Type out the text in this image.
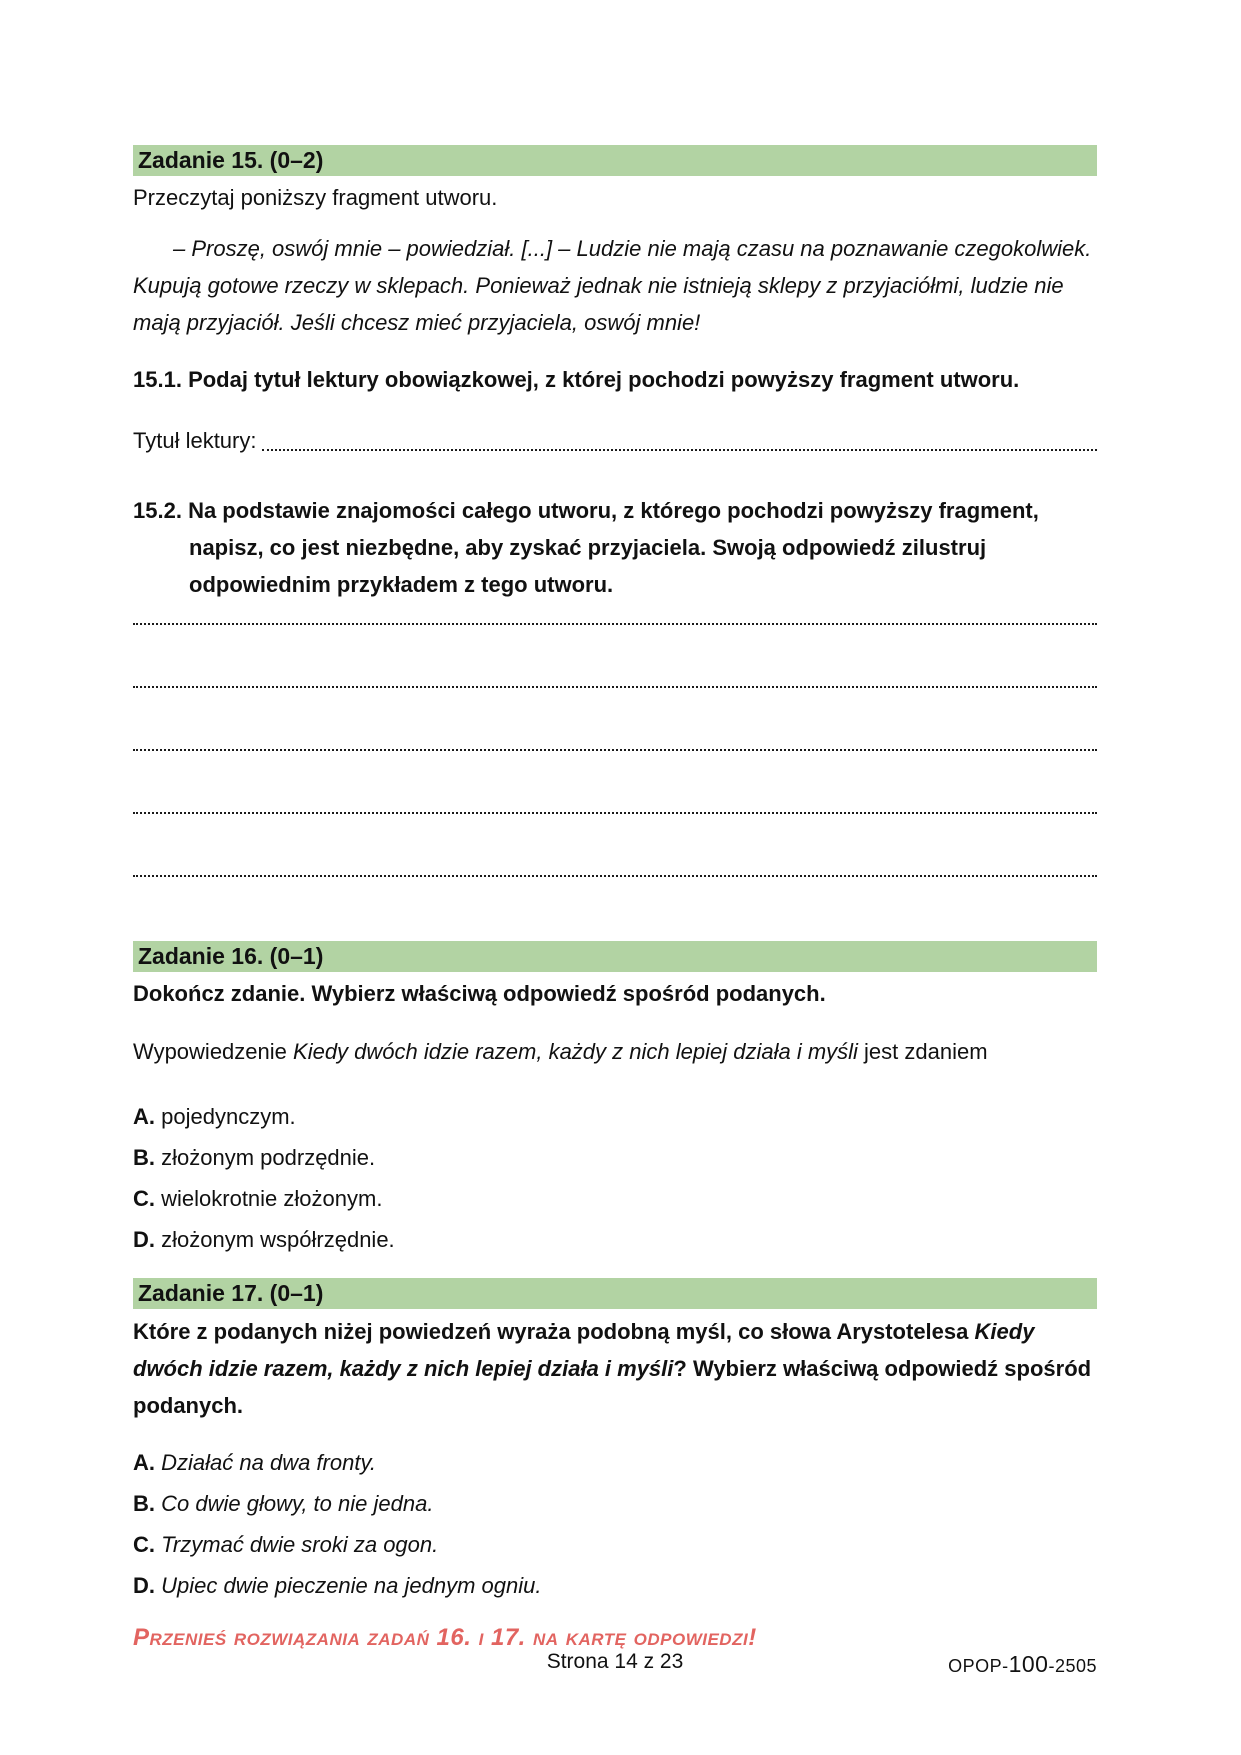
Zadanie 15. (0–2)

Przeczytaj poniższy fragment utworu.

– Proszę, oswój mnie – powiedział. [...] – Ludzie nie mają czasu na poznawanie czegokolwiek. Kupują gotowe rzeczy w sklepach. Ponieważ jednak nie istnieją sklepy z przyjaciółmi, ludzie nie mają przyjaciół. Jeśli chcesz mieć przyjaciela, oswój mnie!

15.1. Podaj tytuł lektury obowiązkowej, z której pochodzi powyższy fragment utworu.

Tytuł lektury:
15.2. Na podstawie znajomości całego utworu, z którego pochodzi powyższy fragment, napisz, co jest niezbędne, aby zyskać przyjaciela. Swoją odpowiedź zilustruj odpowiednim przykładem z tego utworu.
Zadanie 16. (0–1)

Dokończ zdanie. Wybierz właściwą odpowiedź spośród podanych.

Wypowiedzenie Kiedy dwóch idzie razem, każdy z nich lepiej działa i myśli jest zdaniem

A. pojedynczym.
B. złożonym podrzędnie.
C. wielokrotnie złożonym.
D. złożonym współrzędnie.
Zadanie 17. (0–1)

Które z podanych niżej powiedzeń wyraża podobną myśl, co słowa Arystotelesa Kiedy dwóch idzie razem, każdy z nich lepiej działa i myśli? Wybierz właściwą odpowiedź spośród podanych.

A. Działać na dwa fronty.
B. Co dwie głowy, to nie jedna.
C. Trzymać dwie sroki za ogon.
D. Upiec dwie pieczenie na jednym ogniu.

Przenieś rozwiązania zadań 16. i 17. na kartę odpowiedzi!

Strona 14 z 23	OPOP-100-2505
